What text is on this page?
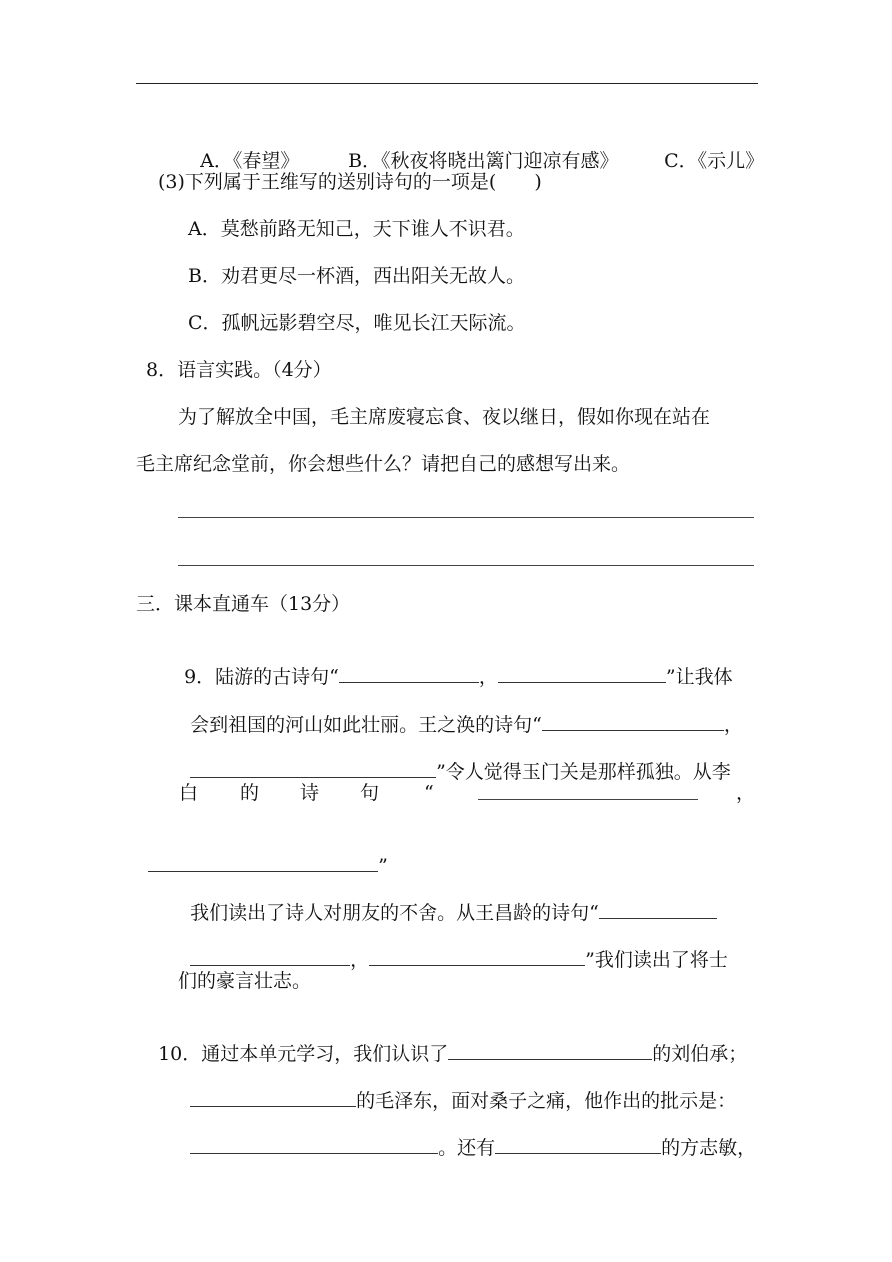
A．《春望》	B．《秋夜将晓出篱门迎凉有感》	C．《示儿》

(3)下列属于王维写的送别诗句的一项是(　　)
A．莫愁前路无知己，天下谁人不识君。
B．劝君更尽一杯酒，西出阳关无故人。
C．孤帆远影碧空尽，唯见长江天际流。
8．语言实践。（4分）
为了解放全中国，毛主席废寝忘食、夜以继日，假如你现在站在
毛主席纪念堂前，你会想些什么？请把自己的感想写出来。
三．课本直通车（13分）

9．陆游的古诗句“	，	”让我体

会到祖国的河山如此壮丽。王之涣的诗句“	，

”令人觉得玉门关是那样孤独。从李

白 的 诗 句 “	，

”

我们读出了诗人对朋友的不舍。从王昌龄的诗句“

，	”我们读出了将士

们的豪言壮志。

10．通过本单元学习，我们认识了	的刘伯承；

的毛泽东，面对桑子之痛，他作出的批示是：

。还有	的方志敏，
